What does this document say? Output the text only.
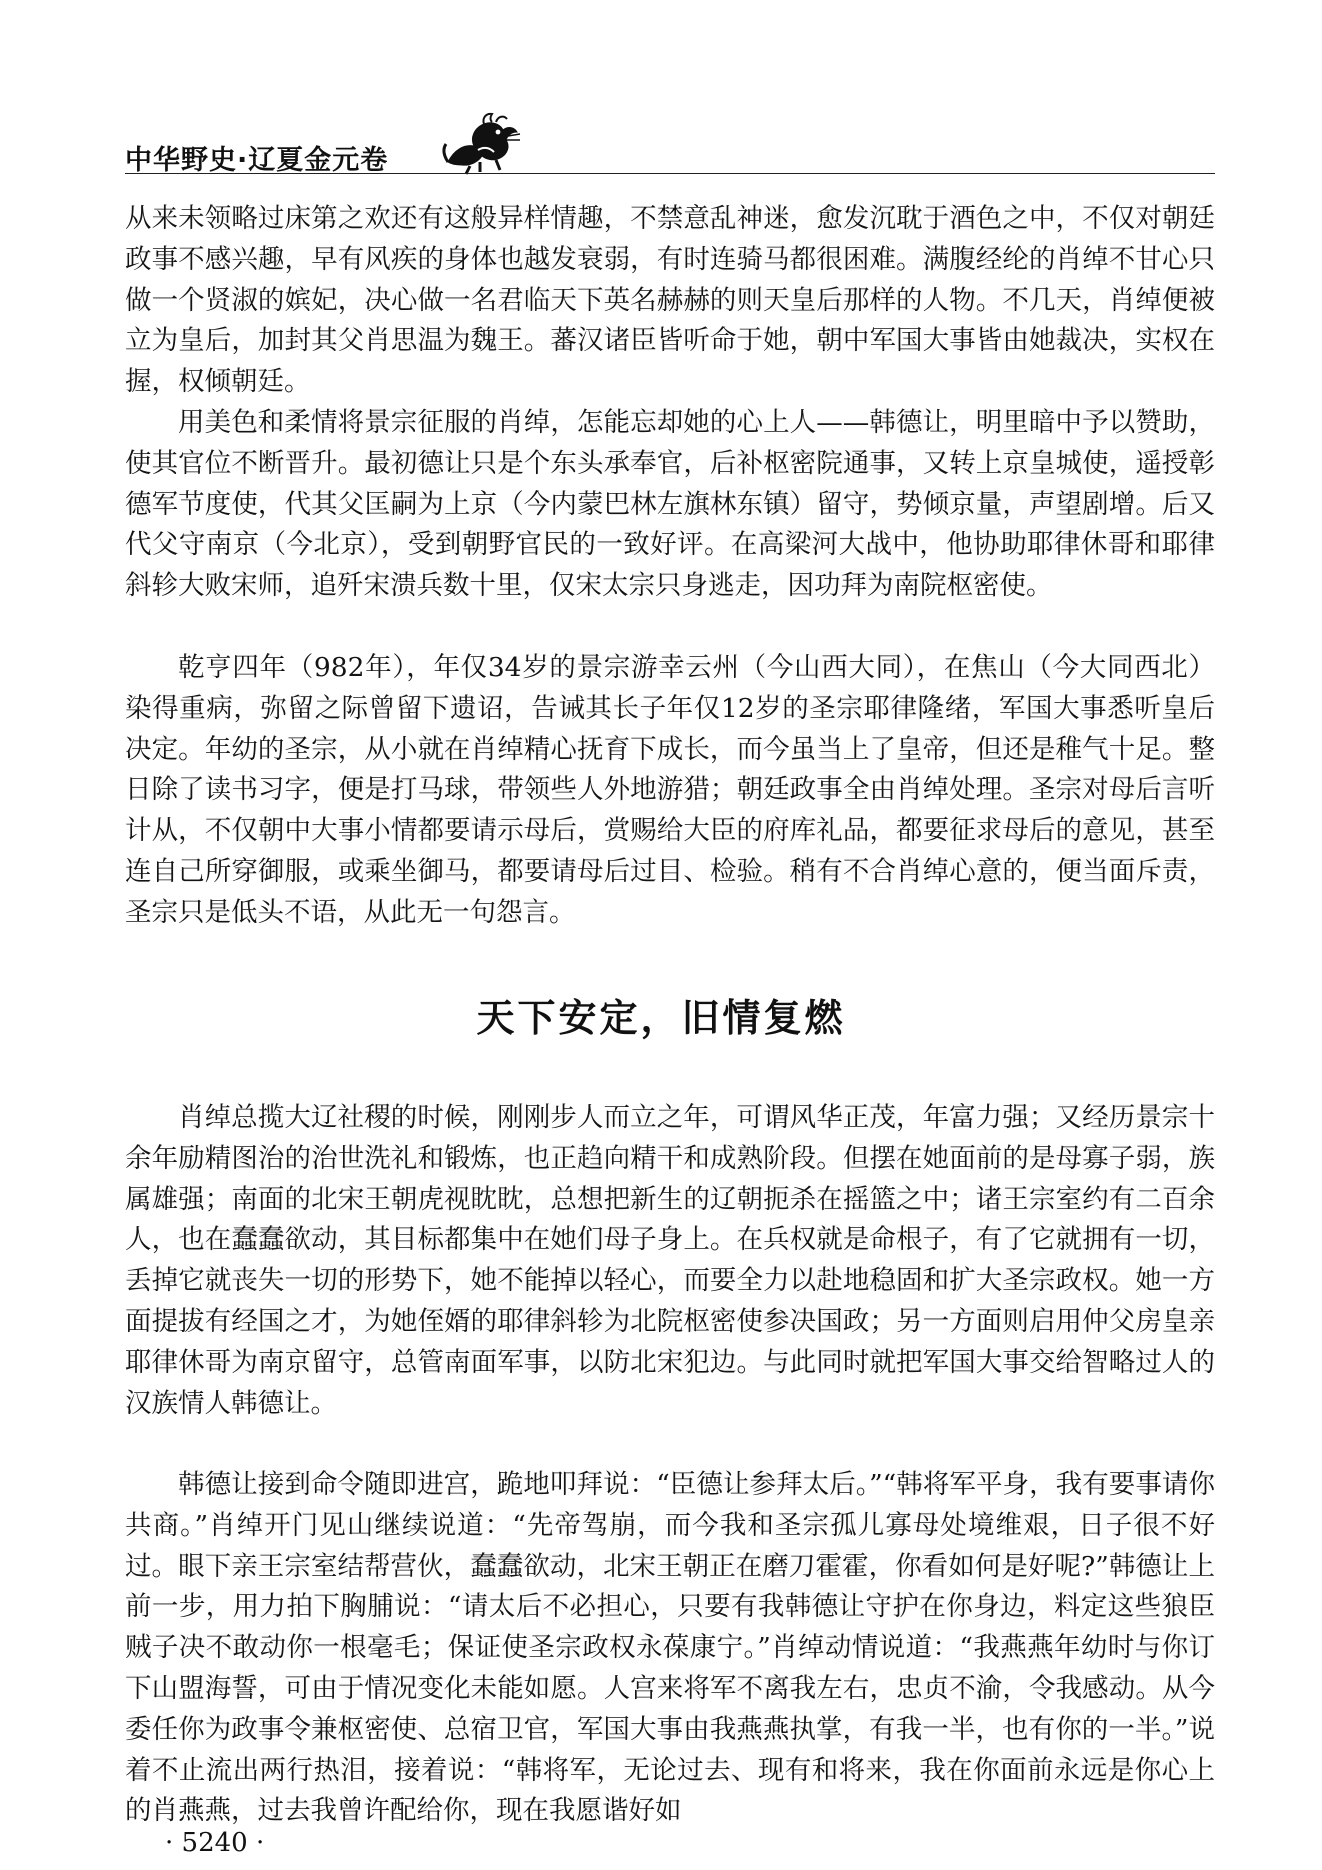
中华野史·辽夏金元卷

从来未领略过床第之欢还有这般异样情趣，不禁意乱神迷，愈发沉耽于酒色之中，不仅对朝廷政事不感兴趣，早有风疾的身体也越发衰弱，有时连骑马都很困难。满腹经纶的肖绰不甘心只做一个贤淑的嫔妃，决心做一名君临天下英名赫赫的则天皇后那样的人物。不几天，肖绰便被立为皇后，加封其父肖思温为魏王。蕃汉诸臣皆听命于她，朝中军国大事皆由她裁决，实权在握，权倾朝廷。

用美色和柔情将景宗征服的肖绰，怎能忘却她的心上人——韩德让，明里暗中予以赞助，使其官位不断晋升。最初德让只是个东头承奉官，后补枢密院通事，又转上京皇城使，遥授彰德军节度使，代其父匡嗣为上京（今内蒙巴林左旗林东镇）留守，势倾京量，声望剧增。后又代父守南京（今北京），受到朝野官民的一致好评。在高梁河大战中，他协助耶律休哥和耶律斜轸大败宋师，追歼宋溃兵数十里，仅宋太宗只身逃走，因功拜为南院枢密使。

乾亨四年（982年），年仅34岁的景宗游幸云州（今山西大同），在焦山（今大同西北）染得重病，弥留之际曾留下遗诏，告诫其长子年仅12岁的圣宗耶律隆绪，军国大事悉听皇后决定。年幼的圣宗，从小就在肖绰精心抚育下成长，而今虽当上了皇帝，但还是稚气十足。整日除了读书习字，便是打马球，带领些人外地游猎；朝廷政事全由肖绰处理。圣宗对母后言听计从，不仅朝中大事小情都要请示母后，赏赐给大臣的府库礼品，都要征求母后的意见，甚至连自己所穿御服，或乘坐御马，都要请母后过目、检验。稍有不合肖绰心意的，便当面斥责，圣宗只是低头不语，从此无一句怨言。

天下安定，旧情复燃

肖绰总揽大辽社稷的时候，刚刚步人而立之年，可谓风华正茂，年富力强；又经历景宗十余年励精图治的治世洗礼和锻炼，也正趋向精干和成熟阶段。但摆在她面前的是母寡子弱，族属雄强；南面的北宋王朝虎视眈眈，总想把新生的辽朝扼杀在摇篮之中；诸王宗室约有二百余人，也在蠢蠢欲动，其目标都集中在她们母子身上。在兵权就是命根子，有了它就拥有一切，丢掉它就丧失一切的形势下，她不能掉以轻心，而要全力以赴地稳固和扩大圣宗政权。她一方面提拔有经国之才，为她侄婿的耶律斜轸为北院枢密使参决国政；另一方面则启用仲父房皇亲耶律休哥为南京留守，总管南面军事，以防北宋犯边。与此同时就把军国大事交给智略过人的汉族情人韩德让。

韩德让接到命令随即进宫，跪地叩拜说：“臣德让参拜太后。”“韩将军平身，我有要事请你共商。”肖绰开门见山继续说道：“先帝驾崩，而今我和圣宗孤儿寡母处境维艰，日子很不好过。眼下亲王宗室结帮营伙，蠢蠢欲动，北宋王朝正在磨刀霍霍，你看如何是好呢?”韩德让上前一步，用力拍下胸脯说：“请太后不必担心，只要有我韩德让守护在你身边，料定这些狼臣贼子决不敢动你一根毫毛；保证使圣宗政权永葆康宁。”肖绰动情说道：“我燕燕年幼时与你订下山盟海誓，可由于情况变化未能如愿。人宫来将军不离我左右，忠贞不渝，令我感动。从今委任你为政事令兼枢密使、总宿卫官，军国大事由我燕燕执掌，有我一半，也有你的一半。”说着不止流出两行热泪，接着说：“韩将军，无论过去、现有和将来，我在你面前永远是你心上的肖燕燕，过去我曾许配给你，现在我愿谐好如

· 5240 ·
